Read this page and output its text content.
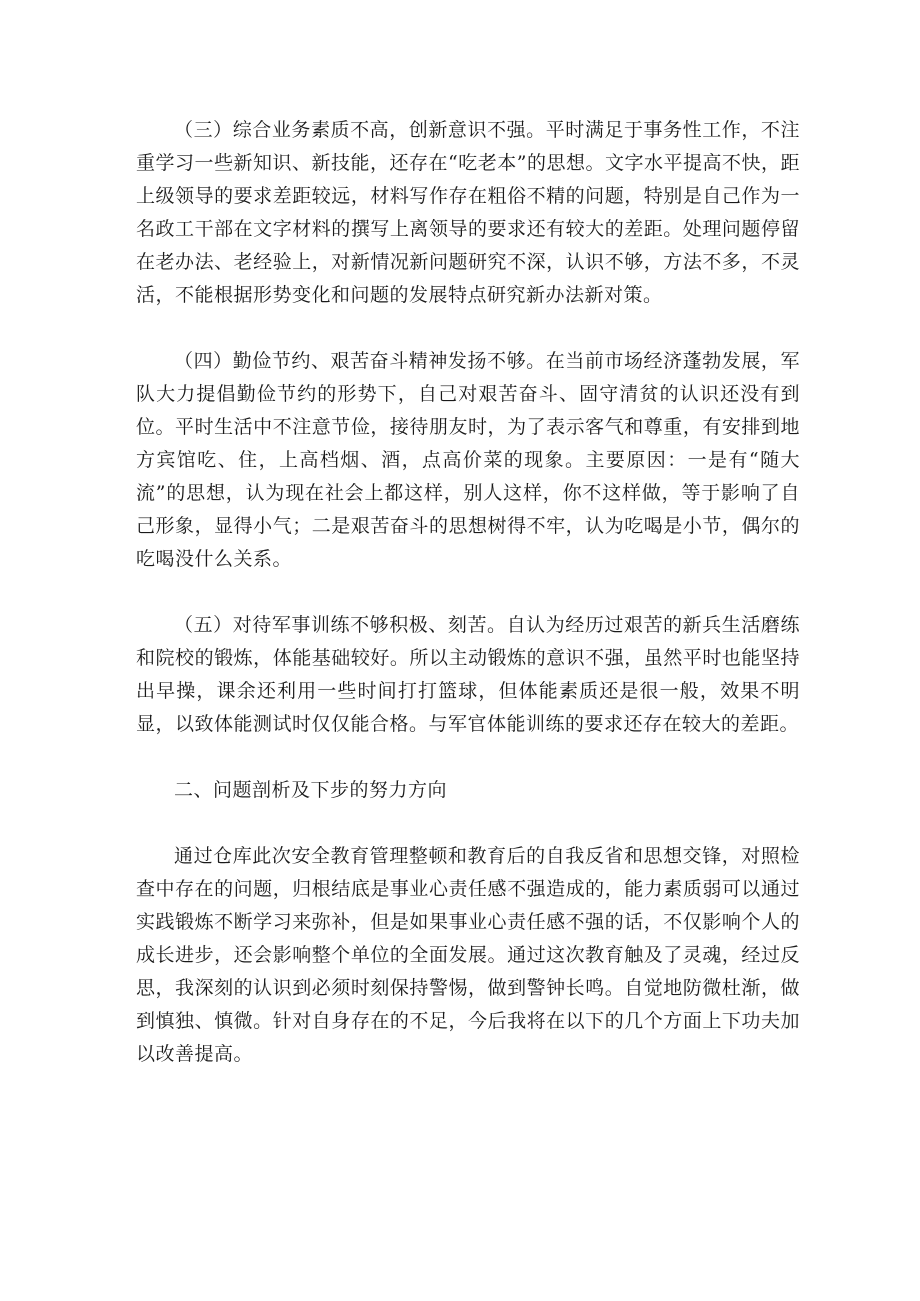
（三）综合业务素质不高，创新意识不强。平时满足于事务性工作，不注重学习一些新知识、新技能，还存在“吃老本”的思想。文字水平提高不快，距上级领导的要求差距较远，材料写作存在粗俗不精的问题，特别是自己作为一名政工干部在文字材料的撰写上离领导的要求还有较大的差距。处理问题停留在老办法、老经验上，对新情况新问题研究不深，认识不够，方法不多，不灵活，不能根据形势变化和问题的发展特点研究新办法新对策。

（四）勤俭节约、艰苦奋斗精神发扬不够。在当前市场经济蓬勃发展，军队大力提倡勤俭节约的形势下，自己对艰苦奋斗、固守清贫的认识还没有到位。平时生活中不注意节俭，接待朋友时，为了表示客气和尊重，有安排到地方宾馆吃、住，上高档烟、酒，点高价菜的现象。主要原因：一是有“随大流”的思想，认为现在社会上都这样，别人这样，你不这样做，等于影响了自己形象，显得小气；二是艰苦奋斗的思想树得不牢，认为吃喝是小节，偶尔的吃喝没什么关系。

（五）对待军事训练不够积极、刻苦。自认为经历过艰苦的新兵生活磨练和院校的锻炼，体能基础较好。所以主动锻炼的意识不强，虽然平时也能坚持出早操，课余还利用一些时间打打篮球，但体能素质还是很一般，效果不明显，以致体能测试时仅仅能合格。与军官体能训练的要求还存在较大的差距。

二、问题剖析及下步的努力方向

通过仓库此次安全教育管理整顿和教育后的自我反省和思想交锋，对照检查中存在的问题，归根结底是事业心责任感不强造成的，能力素质弱可以通过实践锻炼不断学习来弥补，但是如果事业心责任感不强的话，不仅影响个人的成长进步，还会影响整个单位的全面发展。通过这次教育触及了灵魂，经过反思，我深刻的认识到必须时刻保持警惕，做到警钟长鸣。自觉地防微杜渐，做到慎独、慎微。针对自身存在的不足，今后我将在以下的几个方面上下功夫加以改善提高。
